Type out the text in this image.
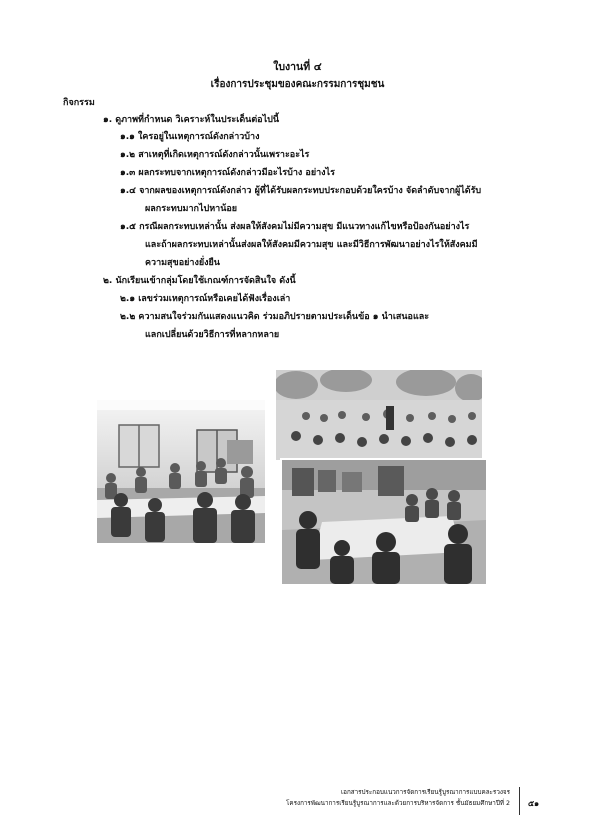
ใบงานที่ ๔
เรื่องการประชุมของคณะกรรมการชุมชน
กิจกรรม
๑. ดูภาพที่กำหนด วิเคราะห์ในประเด็นต่อไปนี้
๑.๑ ใครอยู่ในเหตุการณ์ดังกล่าวบ้าง
๑.๒ สาเหตุที่เกิดเหตุการณ์ดังกล่าวนั้นเพราะอะไร
๑.๓ ผลกระทบจากเหตุการณ์ดังกล่าวมีอะไรบ้าง อย่างไร
๑.๔ จากผลของเหตุการณ์ดังกล่าว ผู้ที่ได้รับผลกระทบประกอบด้วยใครบ้าง จัดลำดับจากผู้ได้รับ
ผลกระทบมากไปหาน้อย
๑.๕ กรณีผลกระทบเหล่านั้น ส่งผลให้สังคมไม่มีความสุข มีแนวทางแก้ไขหรือป้องกันอย่างไร
และถ้าผลกระทบเหล่านั้นส่งผลให้สังคมมีความสุข และมีวิธีการพัฒนาอย่างไรให้สังคมมี
ความสุขอย่างยั่งยืน
๒. นักเรียนเข้ากลุ่มโดยใช้เกณฑ์การจัดสินใจ ดังนี้
๒.๑ เลขร่วมเหตุการณ์หรือเคยได้ฟังเรื่องเล่า
๒.๒ ความสนใจร่วมกันแสดงแนวคิด ร่วมอภิปรายตามประเด็นข้อ ๑ นำเสนอและ
แลกเปลี่ยนด้วยวิธีการที่หลากหลาย
เอกสารประกอบแนวการจัดการเรียนรู้บูรณาการแบบคละรวงจร
โครงการพัฒนาการเรียนรู้บูรณาการและด้วยการบริหารจัดการ ชั้นมัธยมศึกษาปีที่ 2 ๕๑
